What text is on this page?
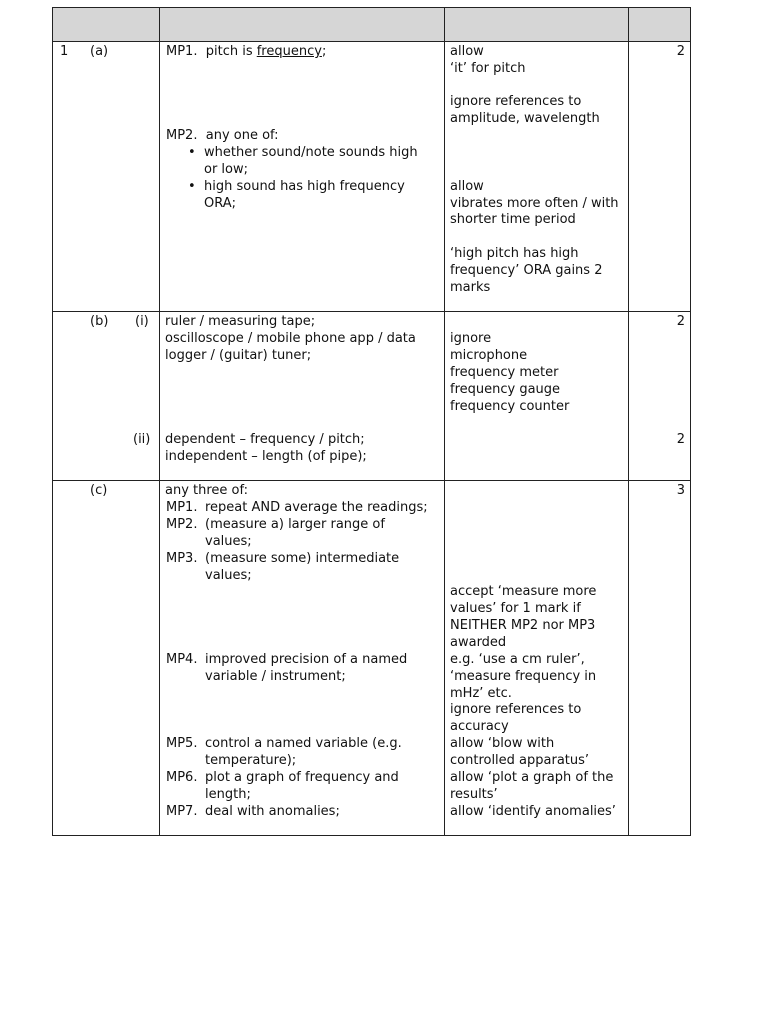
1 (a)	MP1. pitch is frequency;
MP2. any one of:
• whether sound/note sounds high or low;
• high sound has high frequency ORA;
allow
‘it’ for pitch
ignore references to
amplitude, wavelength
allow
vibrates more often / with
shorter time period
‘high pitch has high
frequency’ ORA gains 2
marks
2
(b) (i)
(ii)
ruler / measuring tape;
oscilloscope / mobile phone app / data
logger / (guitar) tuner;
dependent – frequency / pitch;
independent – length (of pipe);
ignore
microphone
frequency meter
frequency gauge
frequency counter
2
2
(c)	any three of:
MP1. repeat AND average the readings;
MP2. (measure a) larger range of values;
MP3. (measure some) intermediate values;
MP4. improved precision of a named variable / instrument;
MP5. control a named variable (e.g. temperature);
MP6. plot a graph of frequency and length;
MP7. deal with anomalies;
accept ‘measure more
values’ for 1 mark if
NEITHER MP2 nor MP3
awarded
e.g. ‘use a cm ruler’,
‘measure frequency in
mHz’ etc.
ignore references to
accuracy
allow ‘blow with
controlled apparatus’
allow ‘plot a graph of the
results’
allow ‘identify anomalies’
3
